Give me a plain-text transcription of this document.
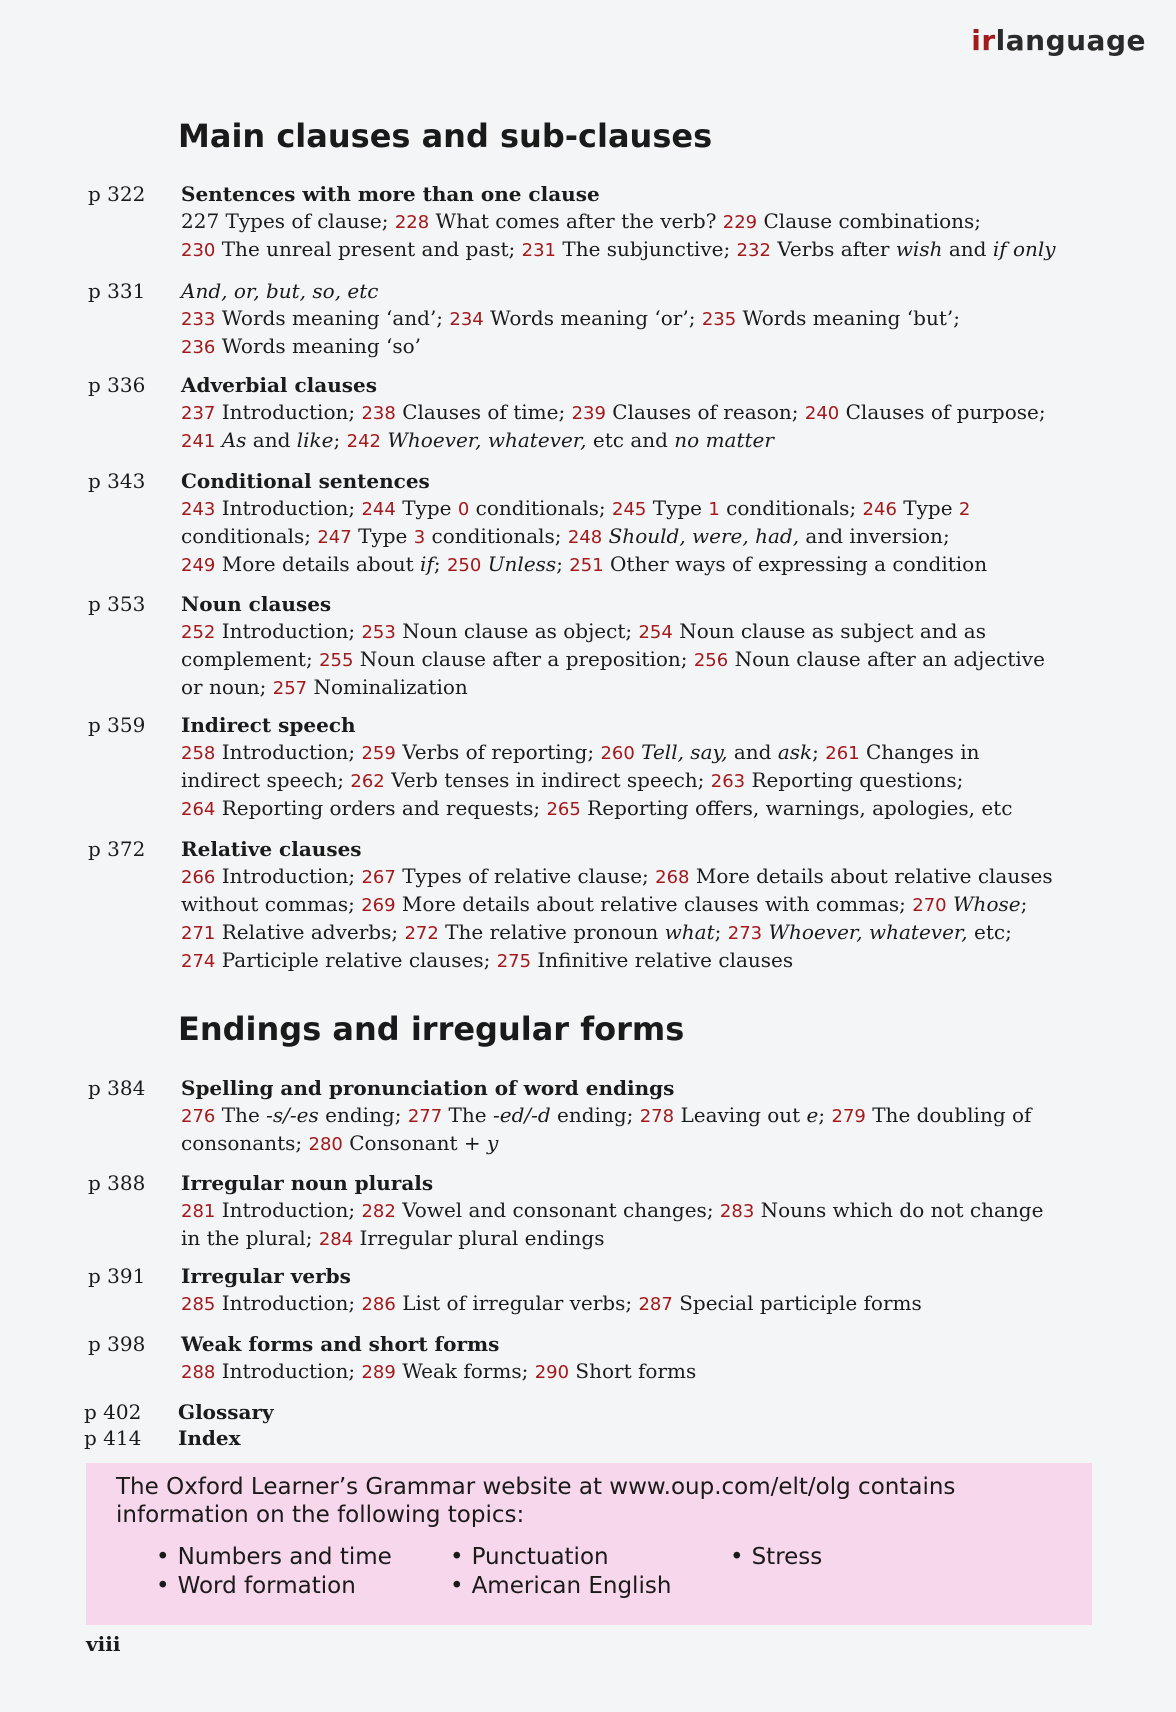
irlanguage
Main clauses and sub-clauses
p 322 Sentences with more than one clause
227 Types of clause; 228 What comes after the verb? 229 Clause combinations;
230 The unreal present and past; 231 The subjunctive; 232 Verbs after wish and if only
p 331 And, or, but, so, etc
233 Words meaning ‘and’; 234 Words meaning ‘or’; 235 Words meaning ‘but’;
236 Words meaning ‘so’
p 336 Adverbial clauses
237 Introduction; 238 Clauses of time; 239 Clauses of reason; 240 Clauses of purpose;
241 As and like; 242 Whoever, whatever, etc and no matter
p 343 Conditional sentences
243 Introduction; 244 Type 0 conditionals; 245 Type 1 conditionals; 246 Type 2
conditionals; 247 Type 3 conditionals; 248 Should, were, had, and inversion;
249 More details about if; 250 Unless; 251 Other ways of expressing a condition
p 353 Noun clauses
252 Introduction; 253 Noun clause as object; 254 Noun clause as subject and as
complement; 255 Noun clause after a preposition; 256 Noun clause after an adjective
or noun; 257 Nominalization
p 359 Indirect speech
258 Introduction; 259 Verbs of reporting; 260 Tell, say, and ask; 261 Changes in
indirect speech; 262 Verb tenses in indirect speech; 263 Reporting questions;
264 Reporting orders and requests; 265 Reporting offers, warnings, apologies, etc
p 372 Relative clauses
266 Introduction; 267 Types of relative clause; 268 More details about relative clauses
without commas; 269 More details about relative clauses with commas; 270 Whose;
271 Relative adverbs; 272 The relative pronoun what; 273 Whoever, whatever, etc;
274 Participle relative clauses; 275 Infinitive relative clauses
Endings and irregular forms
p 384 Spelling and pronunciation of word endings
276 The -s/-es ending; 277 The -ed/-d ending; 278 Leaving out e; 279 The doubling of
consonants; 280 Consonant + y
p 388 Irregular noun plurals
281 Introduction; 282 Vowel and consonant changes; 283 Nouns which do not change
in the plural; 284 Irregular plural endings
p 391 Irregular verbs
285 Introduction; 286 List of irregular verbs; 287 Special participle forms
p 398 Weak forms and short forms
288 Introduction; 289 Weak forms; 290 Short forms
p 402 Glossary
p 414 Index
The Oxford Learner’s Grammar website at www.oup.com/elt/olg contains information on the following topics:
• Numbers and time
• Word formation
• Punctuation
• American English
• Stress
viii
